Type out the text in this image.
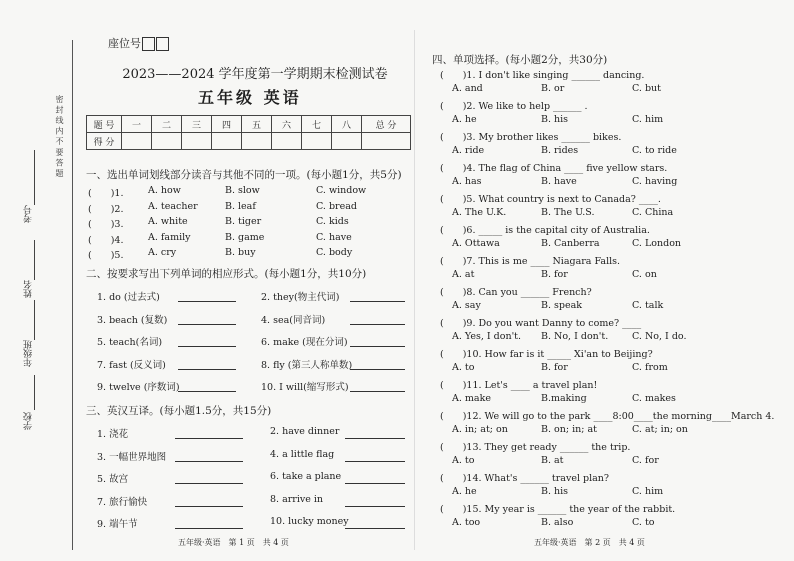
密 封 线 内 不 要 答 题
考号
姓名
年级班
学校
座位号
2023——2024 学年度第一学期期末检测试卷
五年级 英语
题 号	一	二	三	四	五	六	七	八	总 分
得 分									
一、选出单词划线部分读音与其他不同的一项。(每小题1分，共5分)
(　　)1.	A. how	B. slow	C. window
(　　)2.	A. teacher	B. leaf	C. bread
(　　)3.	A. white	B. tiger	C. kids
(　　)4.	A. family	B. game	C. have
(　　)5.	A. cry	B. buy	C. body
二、按要求写出下列单词的相应形式。(每小题1分，共10分)
1. do (过去式)	2. they(物主代词)
3. beach (复数)	4. sea(同音词)
5. teach(名词)	6. make (现在分词)
7. fast (反义词)	8. fly (第三人称单数)
9. twelve (序数词)	10. I will(缩写形式)
三、英汉互译。(每小题1.5分，共15分)
1. 浇花	2. have dinner
3. 一幅世界地图	4. a little flag
5. 故宫	6. take a plane
7. 旅行愉快	8. arrive in
9. 端午节	10. lucky money
五年级·英语　第 1 页　共 4 页
四、单项选择。(每小题2分，共30分)
(　　)1. I don't like singing ______ dancing.
A. and	B. or	C. but
(　　)2. We like to help ______ .
A. he	B. his	C. him
(　　)3. My brother likes ______ bikes.
A. ride	B. rides	C. to ride
(　　)4. The flag of China ____ five yellow stars.
A. has	B. have	C. having
(　　)5. What country is next to Canada? ____.
A. The U.K.	B. The U.S.	C. China
(　　)6. _____ is the capital city of Australia.
A. Ottawa	B. Canberra	C. London
(　　)7. This is me ____ Niagara Falls.
A. at	B. for	C. on
(　　)8. Can you ______ French?
A. say	B. speak	C. talk
(　　)9. Do you want Danny to come? ____
A. Yes, I don't. B. No, I don't.	C. No, I do.
(　　)10. How far is it _____ Xi'an to Beijing?
A. to	B. for	C. from
(　　)11. Let's ____ a travel plan!
A. make	B.making	C. makes
(　　)12. We will go to the park ____8:00____the morning____March 4.
A. in; at; on	B. on; in; at	C. at; in; on
(　　)13. They get ready ______ the trip.
A. to	B. at	C. for
(　　)14. What's ______ travel plan?
A. he	B. his	C. him
(　　)15. My year is ______ the year of the rabbit.
A. too	B. also	C. to
五年级·英语　第 2 页　共 4 页
